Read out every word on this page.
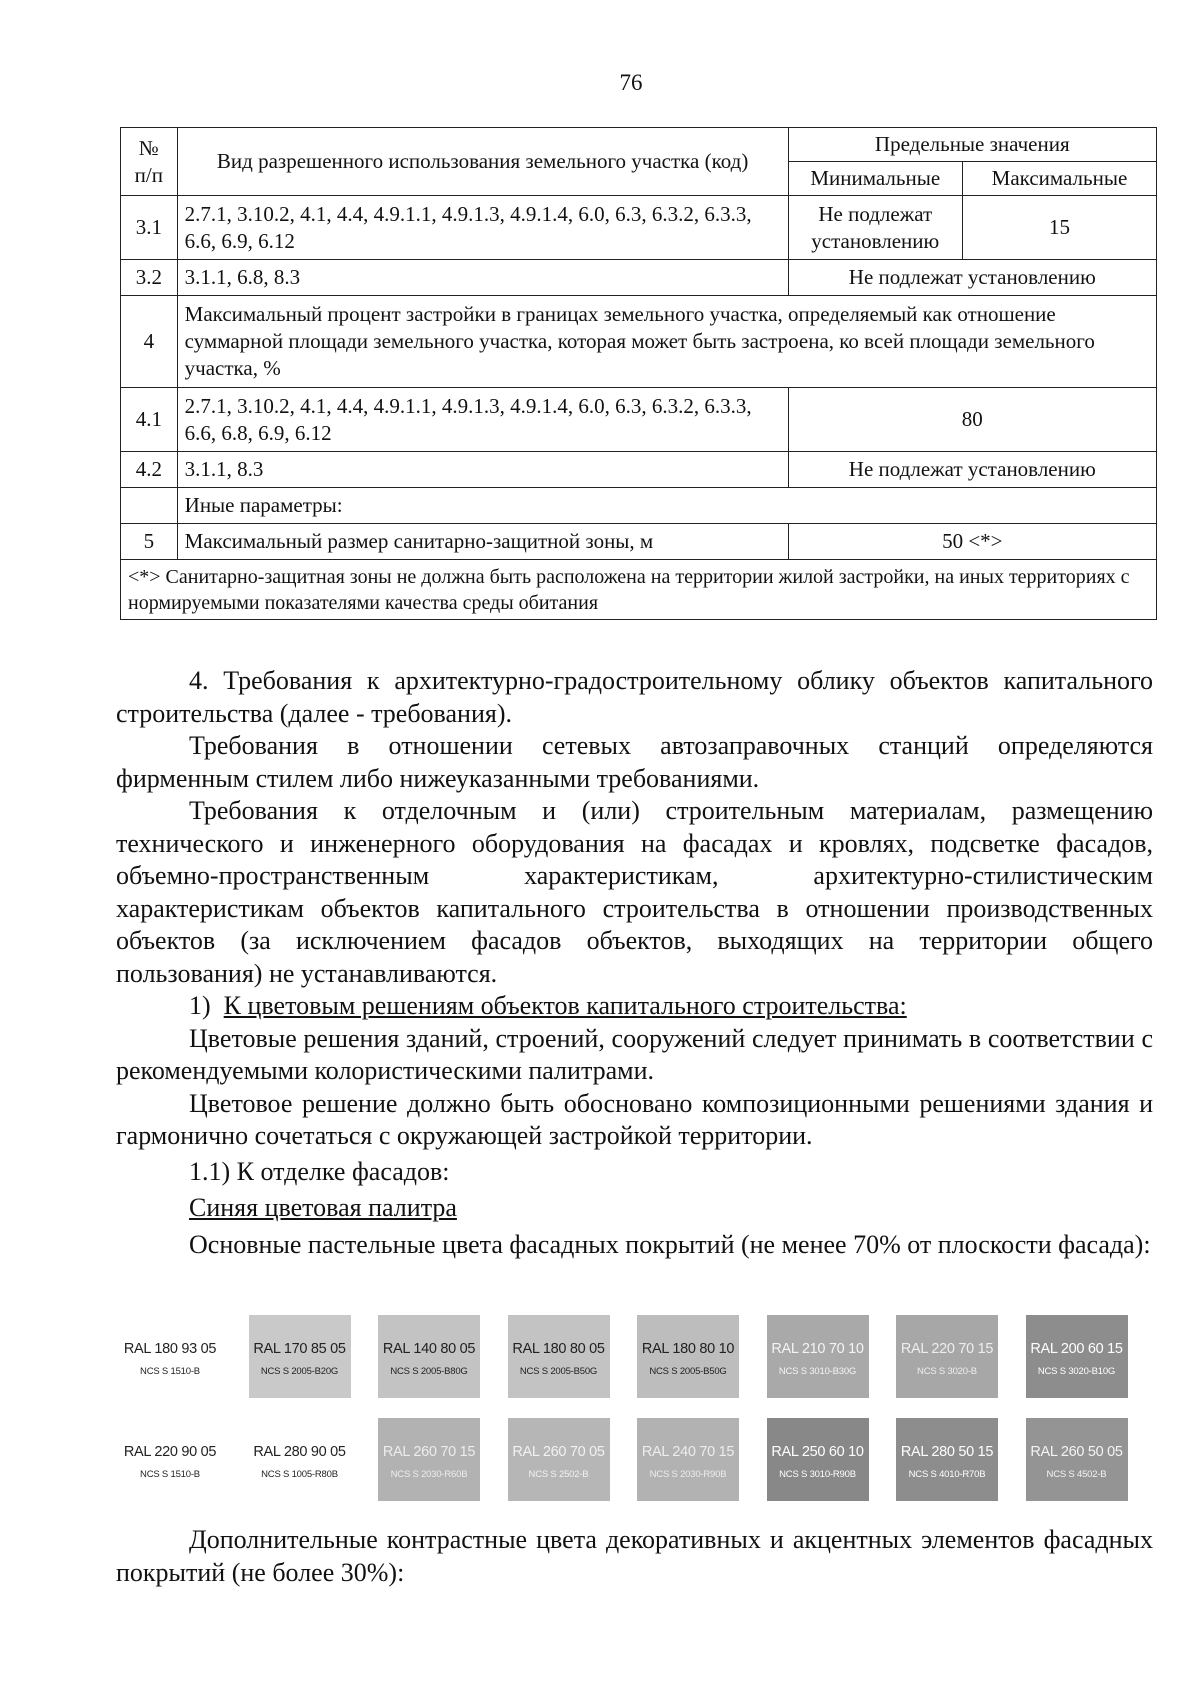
76
№ п/п	Вид разрешенного использования земельного участка (код)	Предельные значения	
		Минимальные	Максимальные
3.1	2.7.1, 3.10.2, 4.1, 4.4, 4.9.1.1, 4.9.1.3, 4.9.1.4, 6.0, 6.3, 6.3.2, 6.3.3, 6.6, 6.9, 6.12	Не подлежат установлению	15
3.2	3.1.1, 6.8, 8.3	Не подлежат установлению	
4	Максимальный процент застройки в границах земельного участка, определяемый как отношение суммарной площади земельного участка, которая может быть застроена, ко всей площади земельного участка, %		
4.1	2.7.1, 3.10.2, 4.1, 4.4, 4.9.1.1, 4.9.1.3, 4.9.1.4, 6.0, 6.3, 6.3.2, 6.3.3, 6.6, 6.8, 6.9, 6.12	80	
4.2	3.1.1, 8.3	Не подлежат установлению	
	Иные параметры:		
5	Максимальный размер санитарно-защитной зоны, м	50 <*>	
<*> Санитарно-защитная зоны не должна быть расположена на территории жилой застройки, на иных территориях с нормируемыми показателями качества среды обитания			

4. Требования к архитектурно-градостроительному облику объектов капитального строительства (далее - требования).

Требования в отношении сетевых автозаправочных станций определяются фирменным стилем либо нижеуказанными требованиями.

Требования к отделочным и (или) строительным материалам, размещению технического и инженерного оборудования на фасадах и кровлях, подсветке фасадов, объемно-пространственным характеристикам, архитектурно-стилистическим характеристикам объектов капитального строительства в отношении производственных объектов (за исключением фасадов объектов, выходящих на территории общего пользования) не устанавливаются.

1) К цветовым решениям объектов капитального строительства:

Цветовые решения зданий, строений, сооружений следует принимать в соответствии с рекомендуемыми колористическими палитрами.

Цветовое решение должно быть обосновано композиционными решениями здания и гармонично сочетаться с окружающей застройкой территории.

1.1) К отделке фасадов:

Синяя цветовая палитра

Основные пастельные цвета фасадных покрытий (не менее 70% от плоскости фасада):

RAL 180 93 05
NCS S 1510-B
RAL 170 85 05
NCS S 2005-B20G
RAL 140 80 05
NCS S 2005-B80G
RAL 180 80 05
NCS S 2005-B50G
RAL 180 80 10
NCS S 2005-B50G
RAL 210 70 10
NCS S 3010-B30G
RAL 220 70 15
NCS S 3020-B
RAL 200 60 15
NCS S 3020-B10G
RAL 220 90 05
NCS S 1510-B
RAL 280 90 05
NCS S 1005-R80B
RAL 260 70 15
NCS S 2030-R60B
RAL 260 70 05
NCS S 2502-B
RAL 240 70 15
NCS S 2030-R90B
RAL 250 60 10
NCS S 3010-R90B
RAL 280 50 15
NCS S 4010-R70B
RAL 260 50 05
NCS S 4502-B

Дополнительные контрастные цвета декоративных и акцентных элементов фасадных покрытий (не более 30%):
